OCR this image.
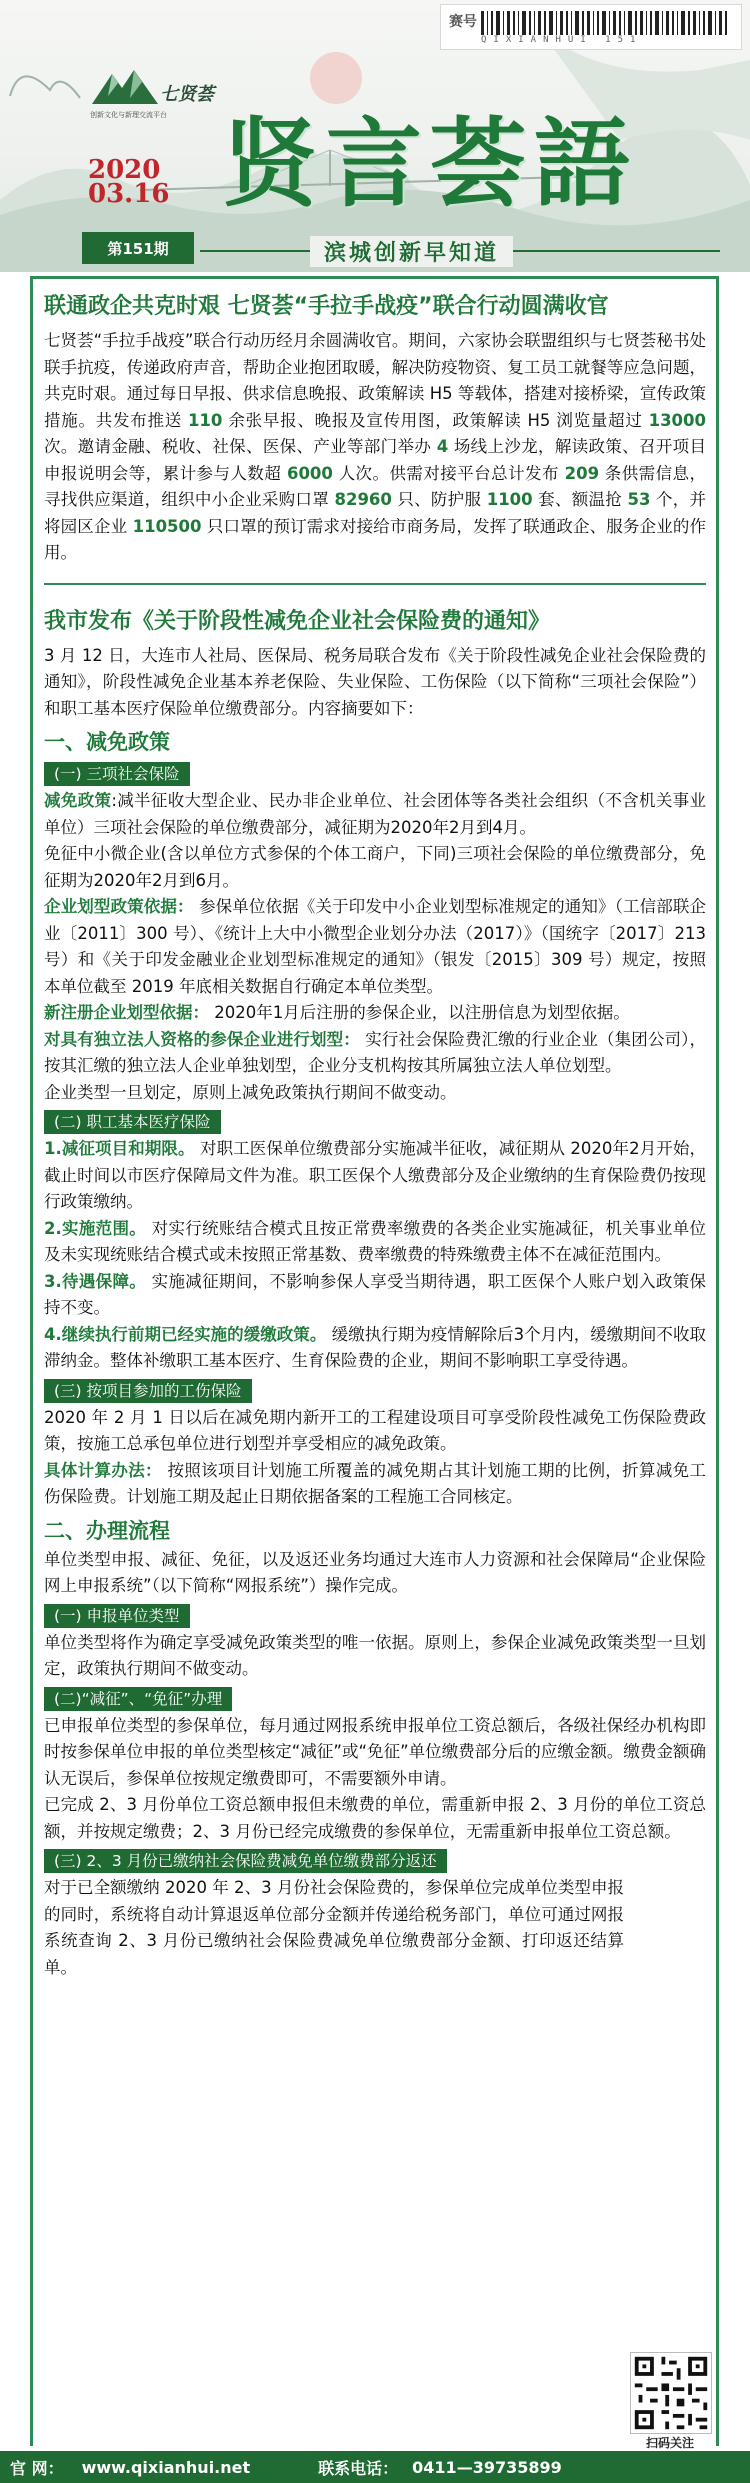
赛号
QIXIANHUI 151
七贤荟
创新文化与新理交流平台
2020
03.16 贤言荟語
第151期	滨城创新早知道
联通政企共克时艰 七贤荟“手拉手战疫”联合行动圆满收官

七贤荟“手拉手战疫”联合行动历经月余圆满收官。期间，六家协会联盟组织与七贤荟秘书处联手抗疫，传递政府声音，帮助企业抱团取暖，解决防疫物资、复工员工就餐等应急问题，共克时艰。通过每日早报、供求信息晚报、政策解读 H5 等载体，搭建对接桥梁，宣传政策措施。共发布推送 110 余张早报、晚报及宣传用图，政策解读 H5 浏览量超过 13000 次。邀请金融、税收、社保、医保、产业等部门举办 4 场线上沙龙，解读政策、召开项目申报说明会等，累计参与人数超 6000 人次。供需对接平台总计发布 209 条供需信息，寻找供应渠道，组织中小企业采购口罩 82960 只、防护服 1100 套、额温抢 53 个，并将园区企业 110500 只口罩的预订需求对接给市商务局，发挥了联通政企、服务企业的作用。

我市发布《关于阶段性减免企业社会保险费的通知》

3 月 12 日，大连市人社局、医保局、税务局联合发布《关于阶段性减免企业社会保险费的通知》，阶段性减免企业基本养老保险、失业保险、工伤保险（以下简称“三项社会保险”）和职工基本医疗保险单位缴费部分。内容摘要如下：

一、减免政策
(一) 三项社会保险

减免政策:减半征收大型企业、民办非企业单位、社会团体等各类社会组织（不含机关事业单位）三项社会保险的单位缴费部分，减征期为2020年2月到4月。

免征中小微企业(含以单位方式参保的个体工商户，下同)三项社会保险的单位缴费部分，免征期为2020年2月到6月。

企业划型政策依据： 参保单位依据《关于印发中小企业划型标准规定的通知》（工信部联企业〔2011〕300 号）、《统计上大中小微型企业划分办法（2017）》（国统字〔2017〕213 号）和《关于印发金融业企业划型标准规定的通知》（银发〔2015〕309 号）规定，按照本单位截至 2019 年底相关数据自行确定本单位类型。

新注册企业划型依据： 2020年1月后注册的参保企业，以注册信息为划型依据。

对具有独立法人资格的参保企业进行划型： 实行社会保险费汇缴的行业企业（集团公司），按其汇缴的独立法人企业单独划型，企业分支机构按其所属独立法人单位划型。

企业类型一旦划定，原则上减免政策执行期间不做变动。

(二) 职工基本医疗保险

1.减征项目和期限。 对职工医保单位缴费部分实施减半征收，减征期从 2020年2月开始，截止时间以市医疗保障局文件为准。职工医保个人缴费部分及企业缴纳的生育保险费仍按现行政策缴纳。

2.实施范围。 对实行统账结合模式且按正常费率缴费的各类企业实施减征，机关事业单位及未实现统账结合模式或未按照正常基数、费率缴费的特殊缴费主体不在减征范围内。

3.待遇保障。 实施减征期间，不影响参保人享受当期待遇，职工医保个人账户划入政策保持不变。

4.继续执行前期已经实施的缓缴政策。 缓缴执行期为疫情解除后3个月内，缓缴期间不收取滞纳金。整体补缴职工基本医疗、生育保险费的企业，期间不影响职工享受待遇。

(三) 按项目参加的工伤保险

2020 年 2 月 1 日以后在减免期内新开工的工程建设项目可享受阶段性减免工伤保险费政策，按施工总承包单位进行划型并享受相应的减免政策。

具体计算办法： 按照该项目计划施工所覆盖的减免期占其计划施工期的比例，折算减免工伤保险费。计划施工期及起止日期依据备案的工程施工合同核定。

二、办理流程

单位类型申报、减征、免征，以及返还业务均通过大连市人力资源和社会保障局“企业保险网上申报系统”（以下简称“网报系统”）操作完成。

(一) 申报单位类型

单位类型将作为确定享受减免政策类型的唯一依据。原则上，参保企业减免政策类型一旦划定，政策执行期间不做变动。

(二)“减征”、“免征”办理

已申报单位类型的参保单位，每月通过网报系统申报单位工资总额后，各级社保经办机构即时按参保单位申报的单位类型核定“减征”或“免征”单位缴费部分后的应缴金额。缴费金额确认无误后，参保单位按规定缴费即可，不需要额外申请。

已完成 2、3 月份单位工资总额申报但未缴费的单位，需重新申报 2、3 月份的单位工资总额，并按规定缴费；2、3 月份已经完成缴费的参保单位，无需重新申报单位工资总额。

(三) 2、3 月份已缴纳社会保险费减免单位缴费部分返还

对于已全额缴纳 2020 年 2、3 月份社会保险费的，参保单位完成单位类型申报的同时，系统将自动计算退返单位部分金额并传递给税务部门，单位可通过网报系统查询 2、3 月份已缴纳社会保险费减免单位缴费部分金额、打印返还结算单。

扫码关注
官 网： www.qixianhui.net	联系电话： 0411—39735899
